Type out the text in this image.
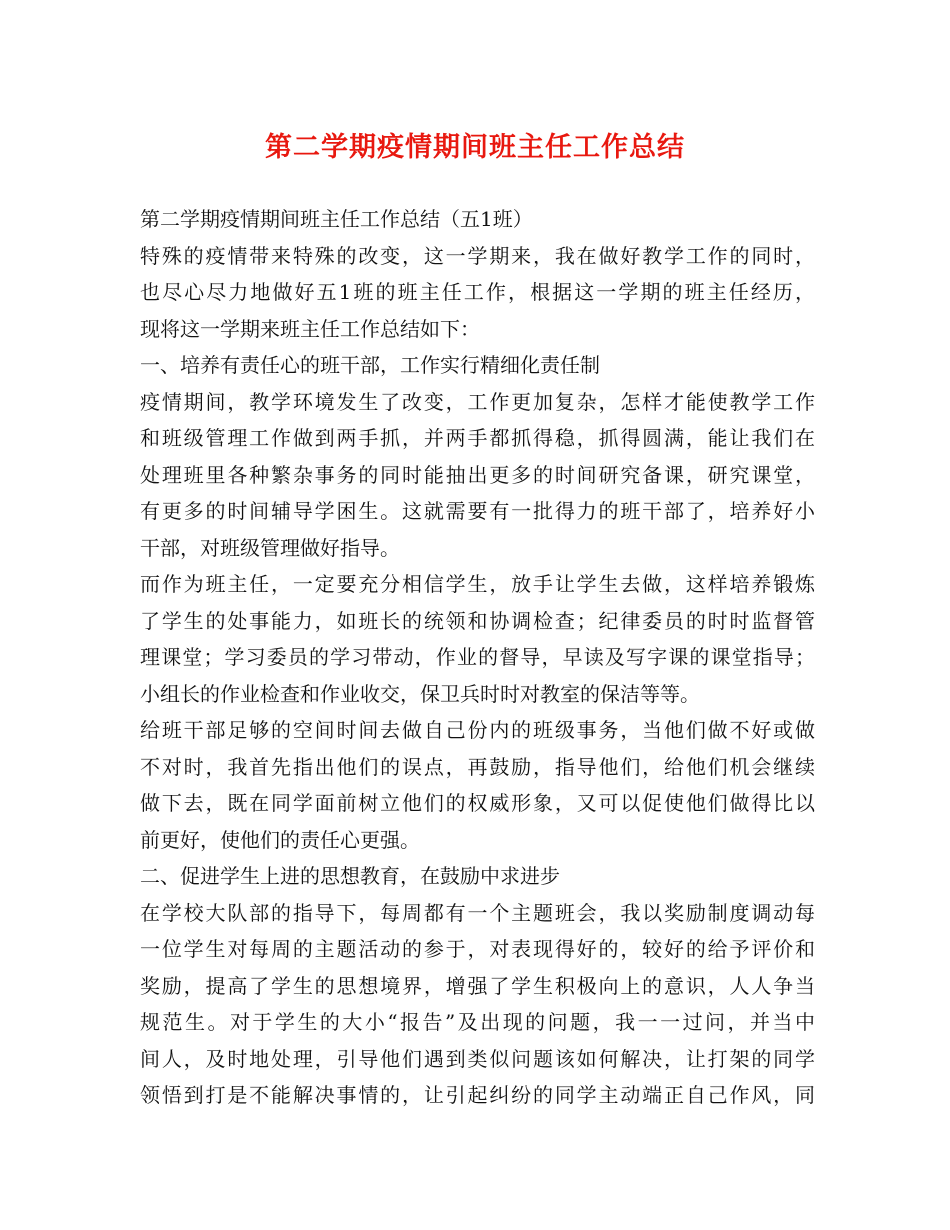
第二学期疫情期间班主任工作总结
第二学期疫情期间班主任工作总结（五1班）
特殊的疫情带来特殊的改变，这一学期来，我在做好教学工作的同时，
也尽心尽力地做好五1班的班主任工作，根据这一学期的班主任经历，
现将这一学期来班主任工作总结如下：
一、培养有责任心的班干部，工作实行精细化责任制
疫情期间，教学环境发生了改变，工作更加复杂，怎样才能使教学工作
和班级管理工作做到两手抓，并两手都抓得稳，抓得圆满，能让我们在
处理班里各种繁杂事务的同时能抽出更多的时间研究备课，研究课堂，
有更多的时间辅导学困生。这就需要有一批得力的班干部了，培养好小
干部，对班级管理做好指导。
而作为班主任，一定要充分相信学生，放手让学生去做，这样培养锻炼
了学生的处事能力，如班长的统领和协调检查；纪律委员的时时监督管
理课堂；学习委员的学习带动，作业的督导，早读及写字课的课堂指导；
小组长的作业检查和作业收交，保卫兵时时对教室的保洁等等。
给班干部足够的空间时间去做自己份内的班级事务，当他们做不好或做
不对时，我首先指出他们的误点，再鼓励，指导他们，给他们机会继续
做下去，既在同学面前树立他们的权威形象，又可以促使他们做得比以
前更好，使他们的责任心更强。
二、促进学生上进的思想教育，在鼓励中求进步
在学校大队部的指导下，每周都有一个主题班会，我以奖励制度调动每
一位学生对每周的主题活动的参于，对表现得好的，较好的给予评价和
奖励，提高了学生的思想境界，增强了学生积极向上的意识，人人争当
规范生。对于学生的大小“报告”及出现的问题，我一一过问，并当中
间人，及时地处理，引导他们遇到类似问题该如何解决，让打架的同学
领悟到打是不能解决事情的，让引起纠纷的同学主动端正自己作风，同
